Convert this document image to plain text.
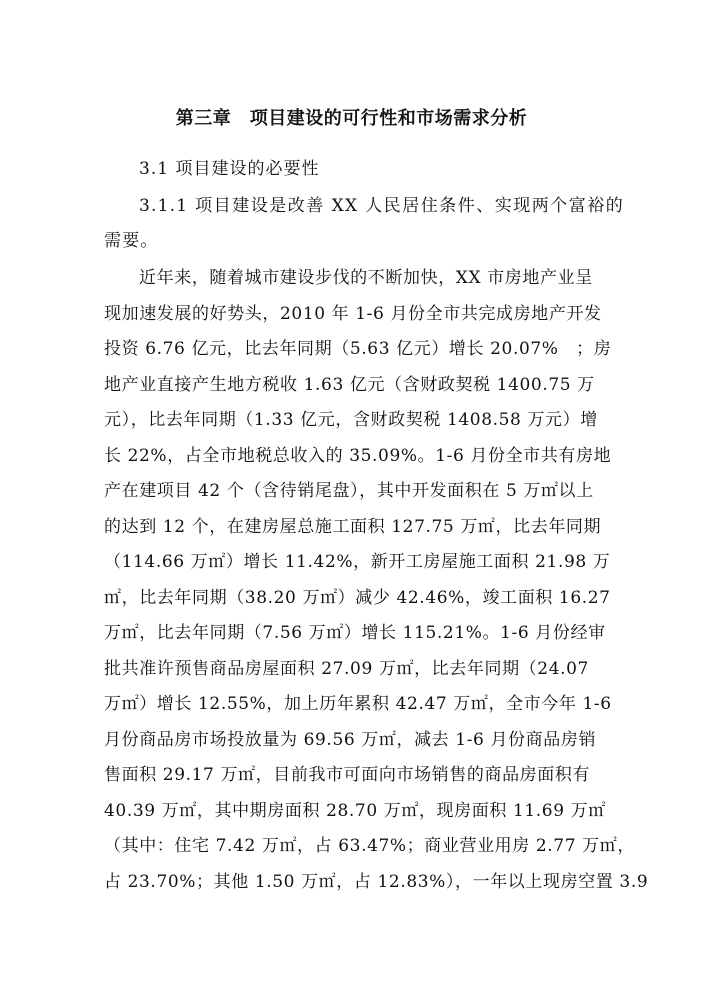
第三章　项目建设的可行性和市场需求分析
3.1 项目建设的必要性
3.1.1 项目建设是改善 XX 人民居住条件、实现两个富裕的需要。
近年来，随着城市建设步伐的不断加快，XX 市房地产业呈
现加速发展的好势头，2010 年 1-6 月份全市共完成房地产开发
投资 6.76 亿元，比去年同期（5.63 亿元）增长 20.07%　；房
地产业直接产生地方税收 1.63 亿元（含财政契税 1400.75 万
元），比去年同期（1.33 亿元，含财政契税 1408.58 万元）增
长 22%，占全市地税总收入的 35.09%。1-6 月份全市共有房地
产在建项目 42 个（含待销尾盘），其中开发面积在 5 万㎡以上
的达到 12 个，在建房屋总施工面积 127.75 万㎡，比去年同期
（114.66 万㎡）增长 11.42%，新开工房屋施工面积 21.98 万
㎡，比去年同期（38.20 万㎡）减少 42.46%，竣工面积 16.27
万㎡，比去年同期（7.56 万㎡）增长 115.21%。1-6 月份经审
批共准许预售商品房屋面积 27.09 万㎡，比去年同期（24.07
万㎡）增长 12.55%，加上历年累积 42.47 万㎡，全市今年 1-6
月份商品房市场投放量为 69.56 万㎡，减去 1-6 月份商品房销
售面积 29.17 万㎡，目前我市可面向市场销售的商品房面积有
40.39 万㎡，其中期房面积 28.70 万㎡，现房面积 11.69 万㎡
（其中：住宅 7.42 万㎡，占 63.47%；商业营业用房 2.77 万㎡，
占 23.70%；其他 1.50 万㎡，占 12.83%），一年以上现房空置 3.9
